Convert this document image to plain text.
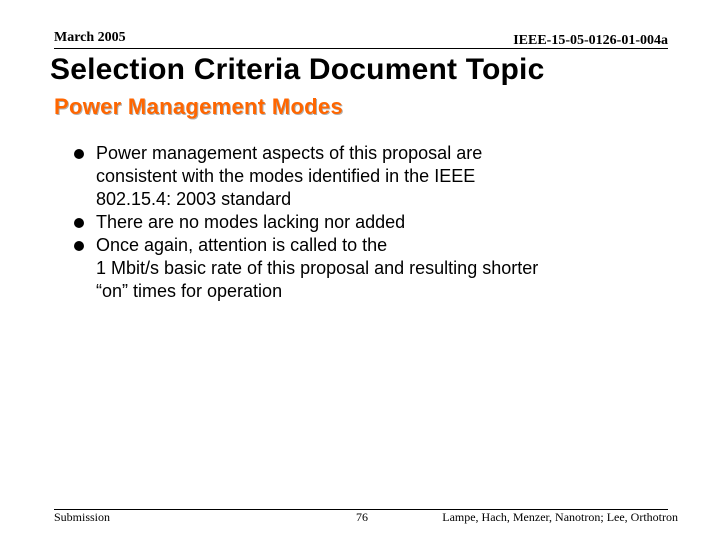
March 2005	IEEE-15-05-0126-01-004a
Selection Criteria Document Topic
Power Management Modes
Power management aspects of this proposal are
consistent with the modes identified in the IEEE
802.15.4: 2003 standard
There are no modes lacking nor added
Once again, attention is called to the
1 Mbit/s basic rate of this proposal and resulting shorter
“on” times for operation
Submission	76	Lampe, Hach, Menzer, Nanotron; Lee, Orthotron
